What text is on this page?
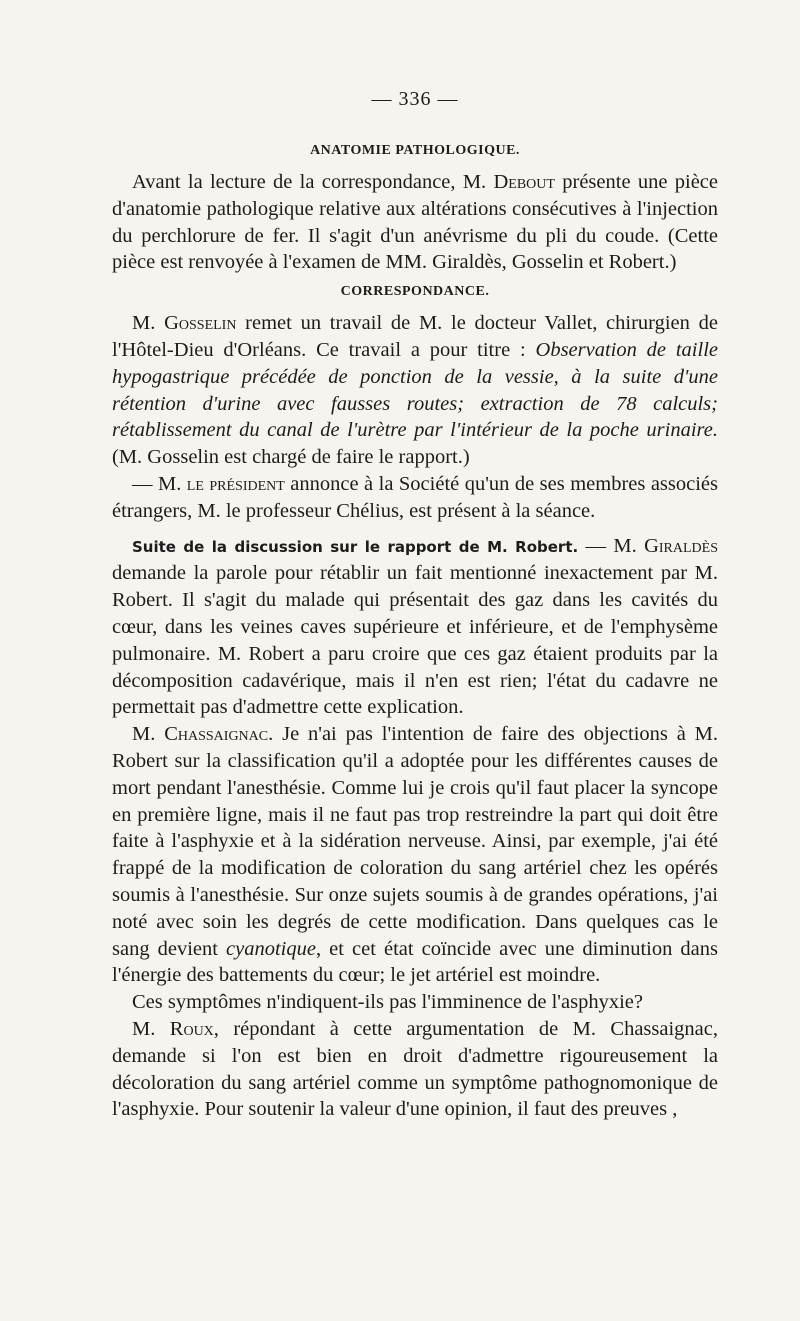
— 336 —
ANATOMIE PATHOLOGIQUE.

Avant la lecture de la correspondance, M. Debout présente une pièce d'anatomie pathologique relative aux altérations consécutives à l'injection du perchlorure de fer. Il s'agit d'un anévrisme du pli du coude. (Cette pièce est renvoyée à l'examen de MM. Giraldès, Gosselin et Robert.)

CORRESPONDANCE.

M. Gosselin remet un travail de M. le docteur Vallet, chirurgien de l'Hôtel-Dieu d'Orléans. Ce travail a pour titre : Observation de taille hypogastrique précédée de ponction de la vessie, à la suite d'une rétention d'urine avec fausses routes; extraction de 78 calculs; rétablissement du canal de l'urètre par l'intérieur de la poche urinaire. (M. Gosselin est chargé de faire le rapport.)

— M. le président annonce à la Société qu'un de ses membres associés étrangers, M. le professeur Chélius, est présent à la séance.

Suite de la discussion sur le rapport de M. Robert. — M. Giraldès demande la parole pour rétablir un fait mentionné inexactement par M. Robert. Il s'agit du malade qui présentait des gaz dans les cavités du cœur, dans les veines caves supérieure et inférieure, et de l'emphysème pulmonaire. M. Robert a paru croire que ces gaz étaient produits par la décomposition cadavérique, mais il n'en est rien; l'état du cadavre ne permettait pas d'admettre cette explication.

M. Chassaignac. Je n'ai pas l'intention de faire des objections à M. Robert sur la classification qu'il a adoptée pour les différentes causes de mort pendant l'anesthésie. Comme lui je crois qu'il faut placer la syncope en première ligne, mais il ne faut pas trop restreindre la part qui doit être faite à l'asphyxie et à la sidération nerveuse. Ainsi, par exemple, j'ai été frappé de la modification de coloration du sang artériel chez les opérés soumis à l'anesthésie. Sur onze sujets soumis à de grandes opérations, j'ai noté avec soin les degrés de cette modification. Dans quelques cas le sang devient cyanotique, et cet état coïncide avec une diminution dans l'énergie des battements du cœur; le jet artériel est moindre.

Ces symptômes n'indiquent-ils pas l'imminence de l'asphyxie?

M. Roux, répondant à cette argumentation de M. Chassaignac, demande si l'on est bien en droit d'admettre rigoureusement la décoloration du sang artériel comme un symptôme pathognomonique de l'asphyxie. Pour soutenir la valeur d'une opinion, il faut des preuves ,
